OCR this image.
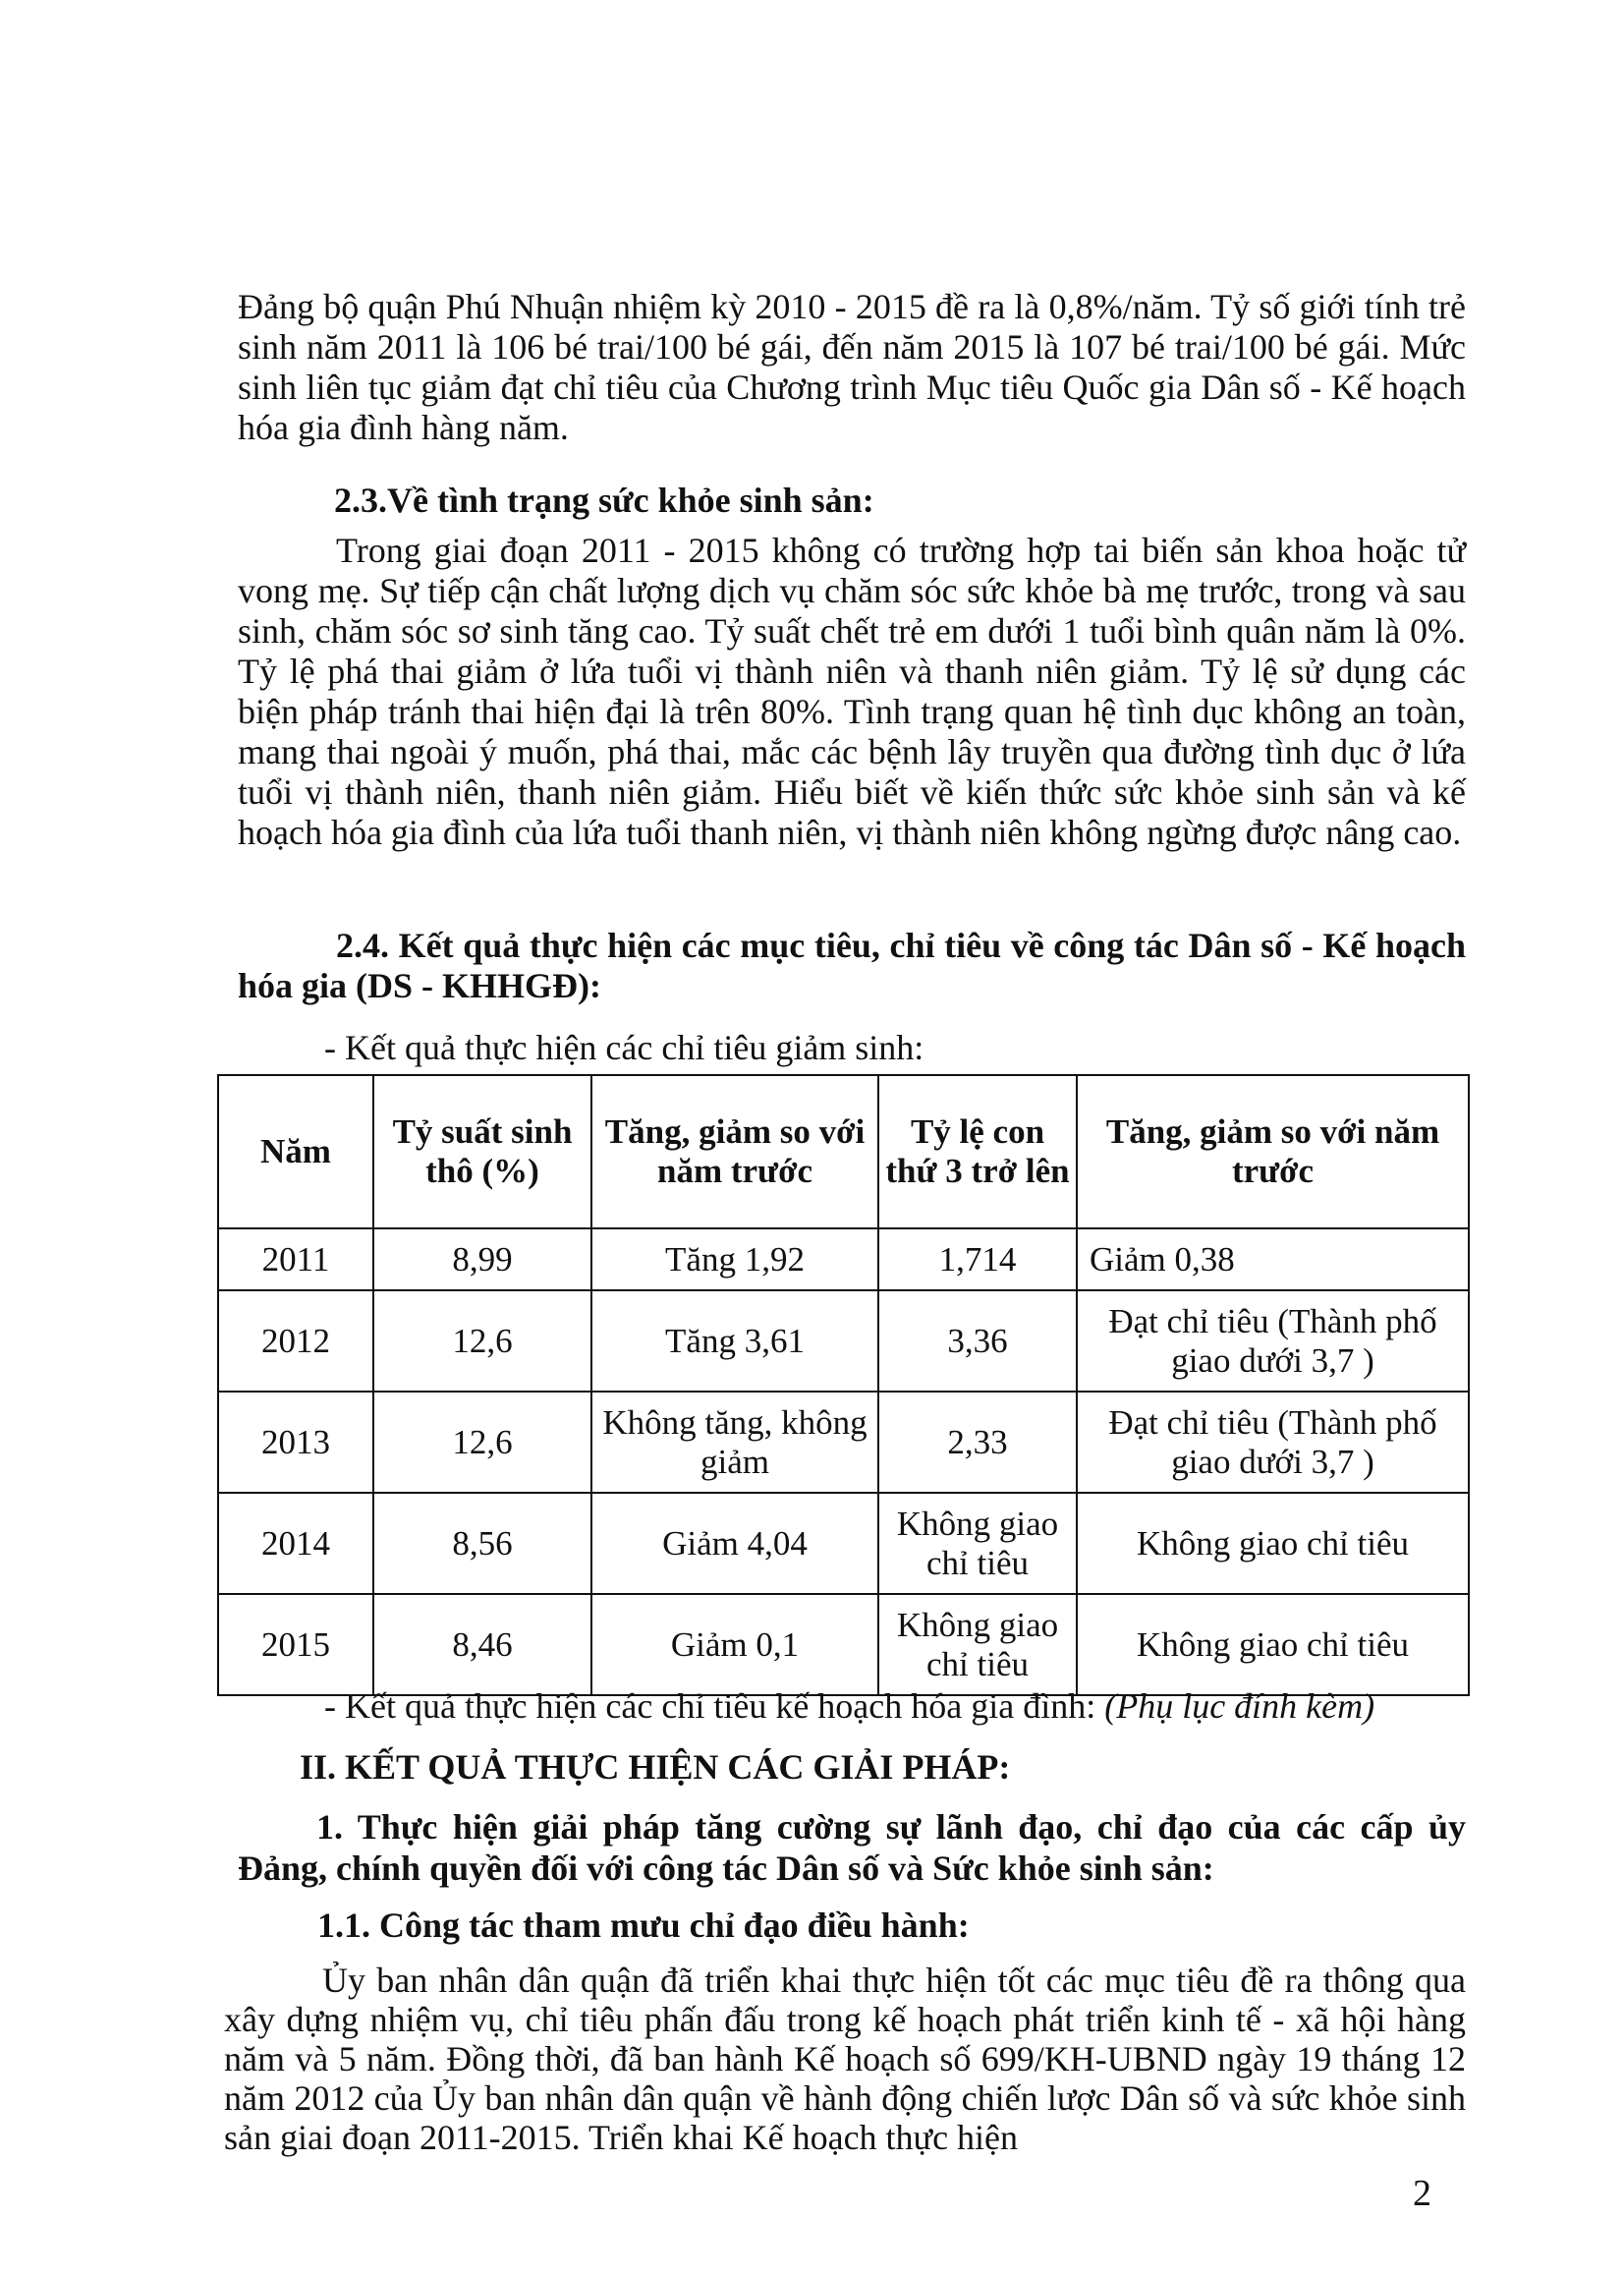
Đảng bộ quận Phú Nhuận nhiệm kỳ 2010 - 2015 đề ra là 0,8%/năm. Tỷ số giới tính trẻ sinh năm 2011 là 106 bé trai/100 bé gái, đến năm 2015 là 107 bé trai/100 bé gái. Mức sinh liên tục giảm đạt chỉ tiêu của Chương trình Mục tiêu Quốc gia Dân số - Kế hoạch hóa gia đình hàng năm.

2.3.Về tình trạng sức khỏe sinh sản:

Trong giai đoạn 2011 - 2015 không có trường hợp tai biến sản khoa hoặc tử vong mẹ. Sự tiếp cận chất lượng dịch vụ chăm sóc sức khỏe bà mẹ trước, trong và sau sinh, chăm sóc sơ sinh tăng cao. Tỷ suất chết trẻ em dưới 1 tuổi bình quân năm là 0%. Tỷ lệ phá thai giảm ở lứa tuổi vị thành niên và thanh niên giảm. Tỷ lệ sử dụng các biện pháp tránh thai hiện đại là trên 80%. Tình trạng quan hệ tình dục không an toàn, mang thai ngoài ý muốn, phá thai, mắc các bệnh lây truyền qua đường tình dục ở lứa tuổi vị thành niên, thanh niên giảm. Hiểu biết về kiến thức sức khỏe sinh sản và kế hoạch hóa gia đình của lứa tuổi thanh niên, vị thành niên không ngừng được nâng cao.

2.4. Kết quả thực hiện các mục tiêu, chỉ tiêu về công tác Dân số - Kế hoạch hóa gia (DS - KHHGĐ):

- Kết quả thực hiện các chỉ tiêu giảm sinh:

Năm	Tỷ suất sinh thô (%)	Tăng, giảm so với năm trước	Tỷ lệ con thứ 3 trở lên	Tăng, giảm so với năm trước
2011	8,99	Tăng 1,92	1,714	Giảm 0,38
2012	12,6	Tăng 3,61	3,36	Đạt chỉ tiêu (Thành phố giao dưới 3,7 )
2013	12,6	Không tăng, không giảm	2,33	Đạt chỉ tiêu (Thành phố giao dưới 3,7 )
2014	8,56	Giảm 4,04	Không giao chỉ tiêu	Không giao chỉ tiêu
2015	8,46	Giảm 0,1	Không giao chỉ tiêu	Không giao chỉ tiêu

- Kết quả thực hiện các chỉ tiêu kế hoạch hóa gia đình: (Phụ lục đính kèm)

II. KẾT QUẢ THỰC HIỆN CÁC GIẢI PHÁP:

1. Thực hiện giải pháp tăng cường sự lãnh đạo, chỉ đạo của các cấp ủy Đảng, chính quyền đối với công tác Dân số và Sức khỏe sinh sản:

1.1. Công tác tham mưu chỉ đạo điều hành:

Ủy ban nhân dân quận đã triển khai thực hiện tốt các mục tiêu đề ra thông qua xây dựng nhiệm vụ, chỉ tiêu phấn đấu trong kế hoạch phát triển kinh tế - xã hội hàng năm và 5 năm. Đồng thời, đã ban hành Kế hoạch số 699/KH-UBND ngày 19 tháng 12 năm 2012 của Ủy ban nhân dân quận về hành động chiến lược Dân số và sức khỏe sinh sản giai đoạn 2011-2015. Triển khai Kế hoạch thực hiện

2
